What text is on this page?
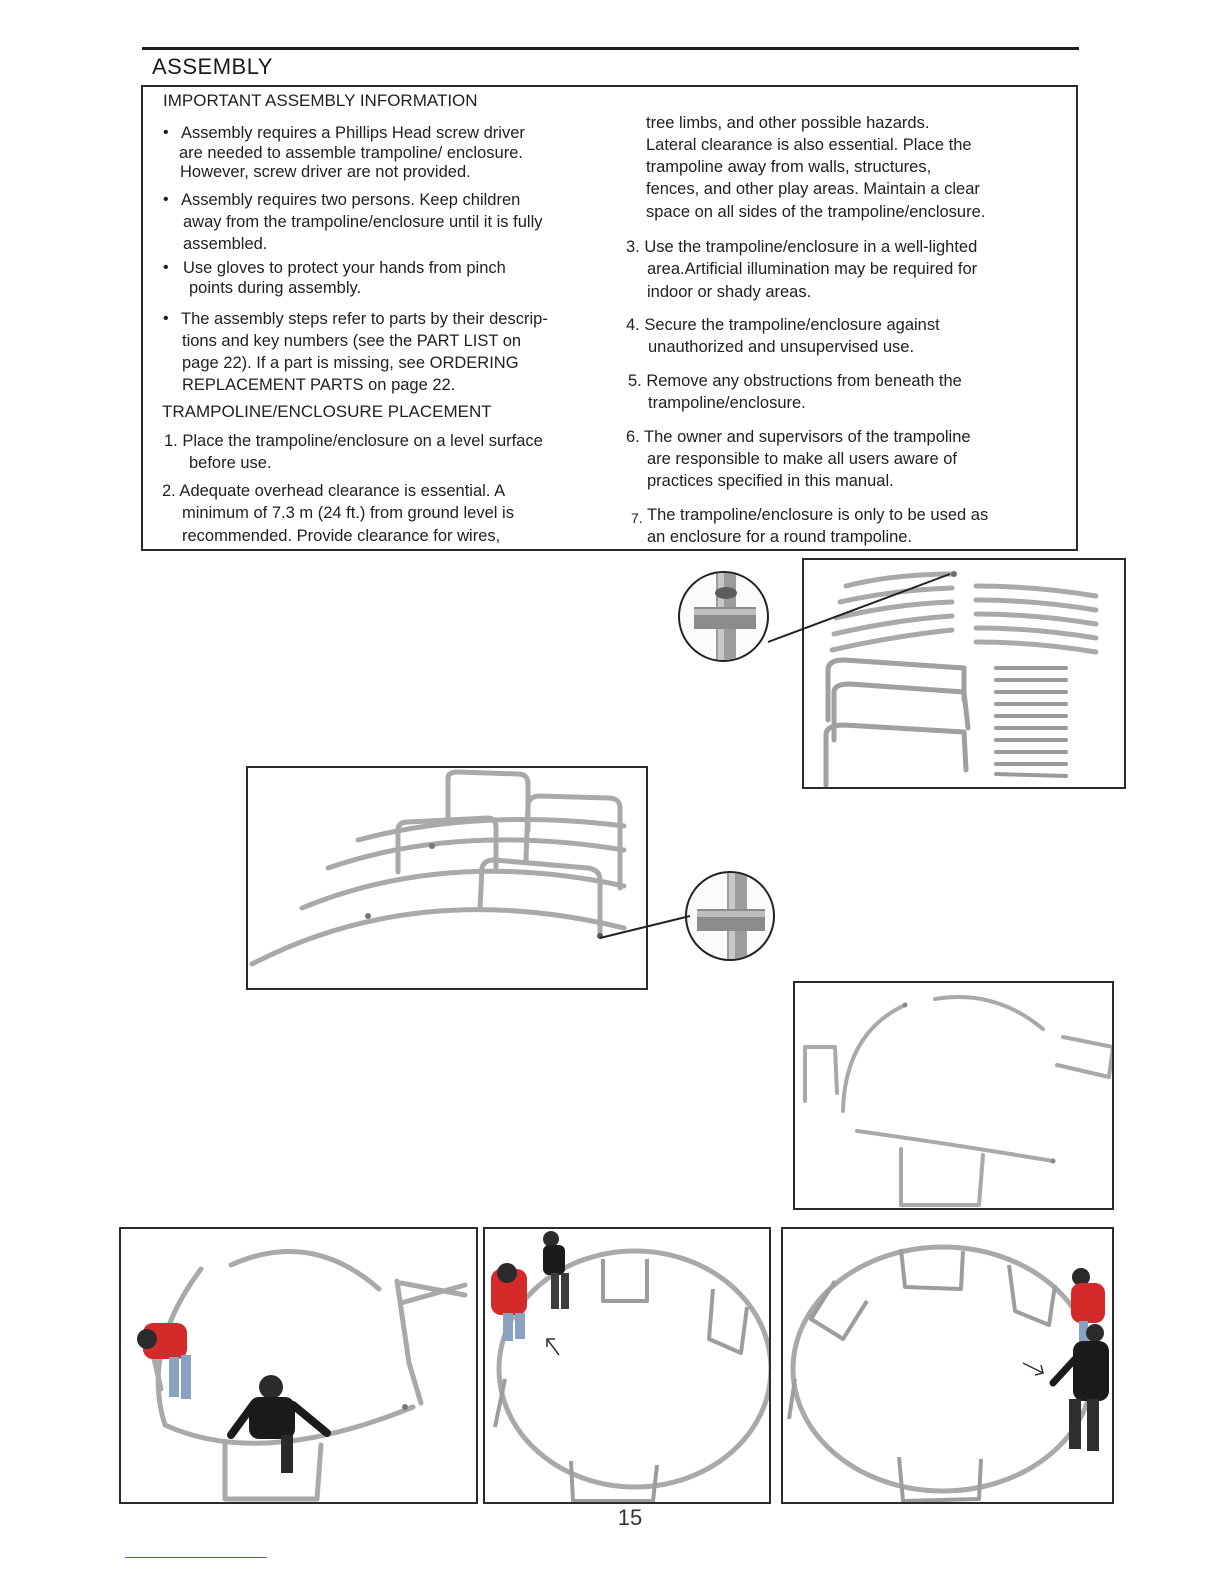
ASSEMBLY
IMPORTANT ASSEMBLY INFORMATION
• Assembly requires a Phillips Head screw driver
are needed to assemble trampoline/ enclosure.
However, screw driver are not provided.
• Assembly requires two persons. Keep children
away from the trampoline/enclosure until it is fully
assembled.
• Use gloves to protect your hands from pinch
points during assembly.
• The assembly steps refer to parts by their descrip-
tions and key numbers (see the PART LIST on
page 22). If a part is missing, see ORDERING
REPLACEMENT PARTS on page 22.
TRAMPOLINE/ENCLOSURE PLACEMENT
1. Place the trampoline/enclosure on a level surface
before use.
2. Adequate overhead clearance is essential. A
minimum of 7.3 m (24 ft.) from ground level is
recommended. Provide clearance for wires,
tree limbs, and other possible hazards.
Lateral clearance is also essential. Place the
trampoline away from walls, structures,
fences, and other play areas. Maintain a clear
space on all sides of the trampoline/enclosure.
3. Use the trampoline/enclosure in a well-lighted
area.Artificial illumination may be required for
indoor or shady areas.
4. Secure the trampoline/enclosure against
unauthorized and unsupervised use.
5. Remove any obstructions from beneath the
trampoline/enclosure.
6. The owner and supervisors of the trampoline
are responsible to make all users aware of
practices specified in this manual.
7. The trampoline/enclosure is only to be used as
an enclosure for a round trampoline.
15
